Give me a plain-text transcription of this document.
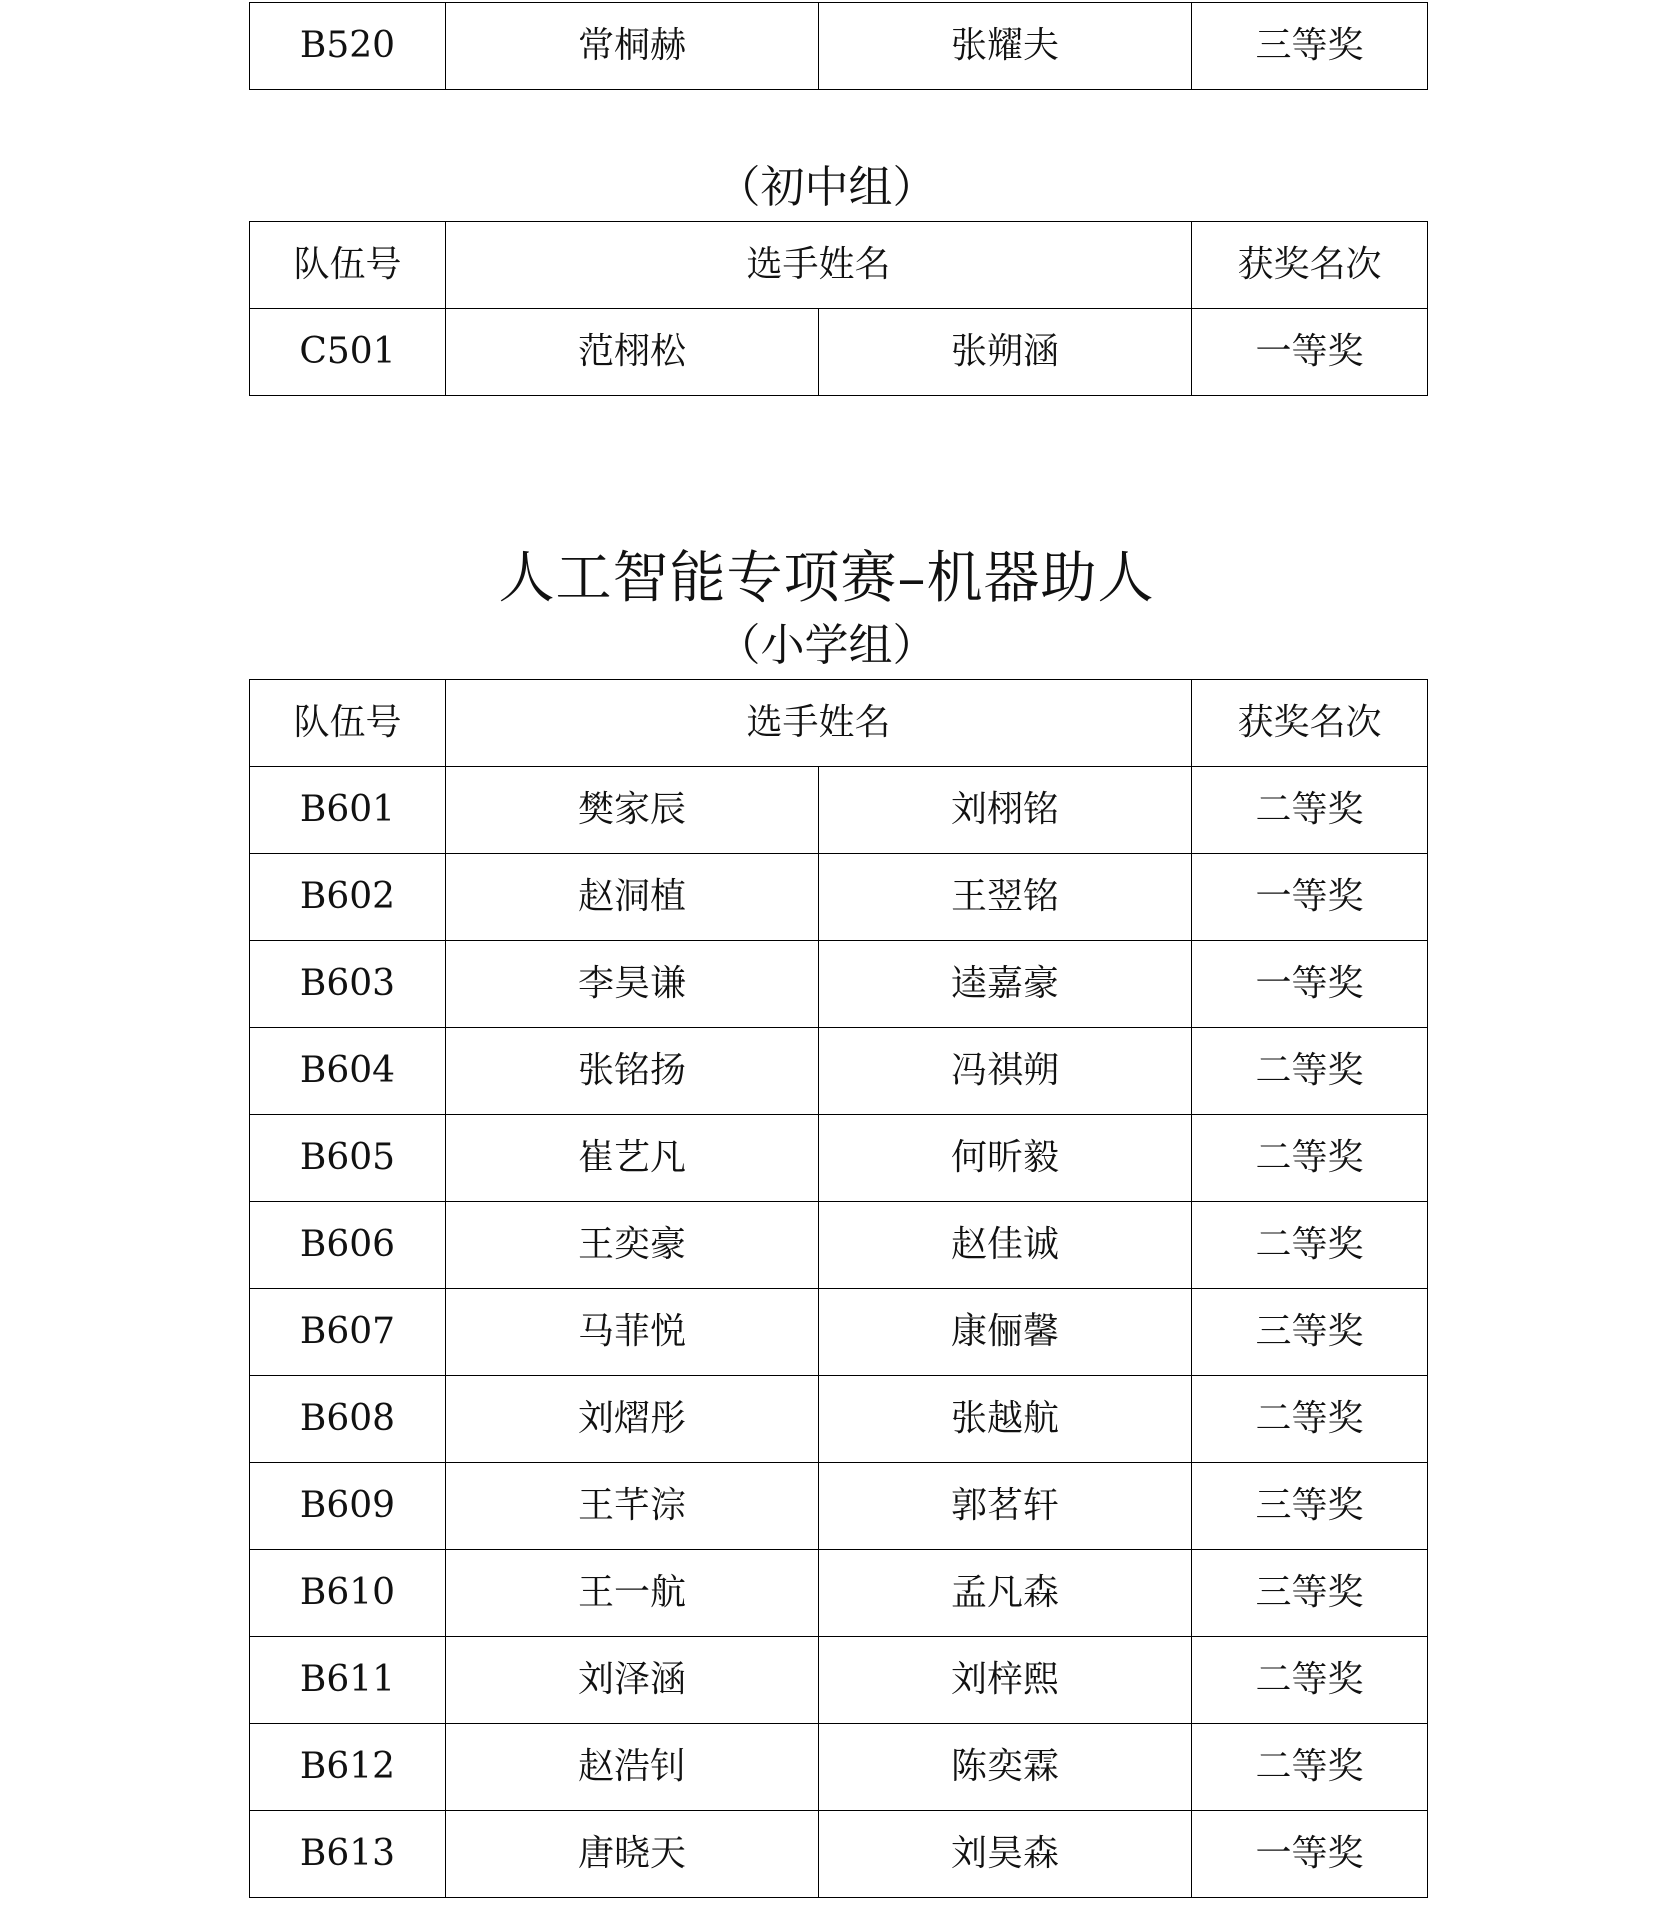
B520	常桐赫	张耀夫	三等奖
（初中组）
队伍号	选手姓名		获奖名次
C501	范栩松	张朔涵	一等奖
人工智能专项赛–机器助人
（小学组）
队伍号	选手姓名		获奖名次
B601	樊家辰	刘栩铭	二等奖
B602	赵洞植	王翌铭	一等奖
B603	李昊谦	逵嘉豪	一等奖
B604	张铭扬	冯祺朔	二等奖
B605	崔艺凡	何昕毅	二等奖
B606	王奕豪	赵佳诚	二等奖
B607	马菲悦	康俪馨	三等奖
B608	刘熠彤	张越航	二等奖
B609	王芊淙	郭茗轩	三等奖
B610	王一航	孟凡森	三等奖
B611	刘泽涵	刘梓熙	二等奖
B612	赵浩钊	陈奕霖	二等奖
B613	唐晓天	刘昊森	一等奖
